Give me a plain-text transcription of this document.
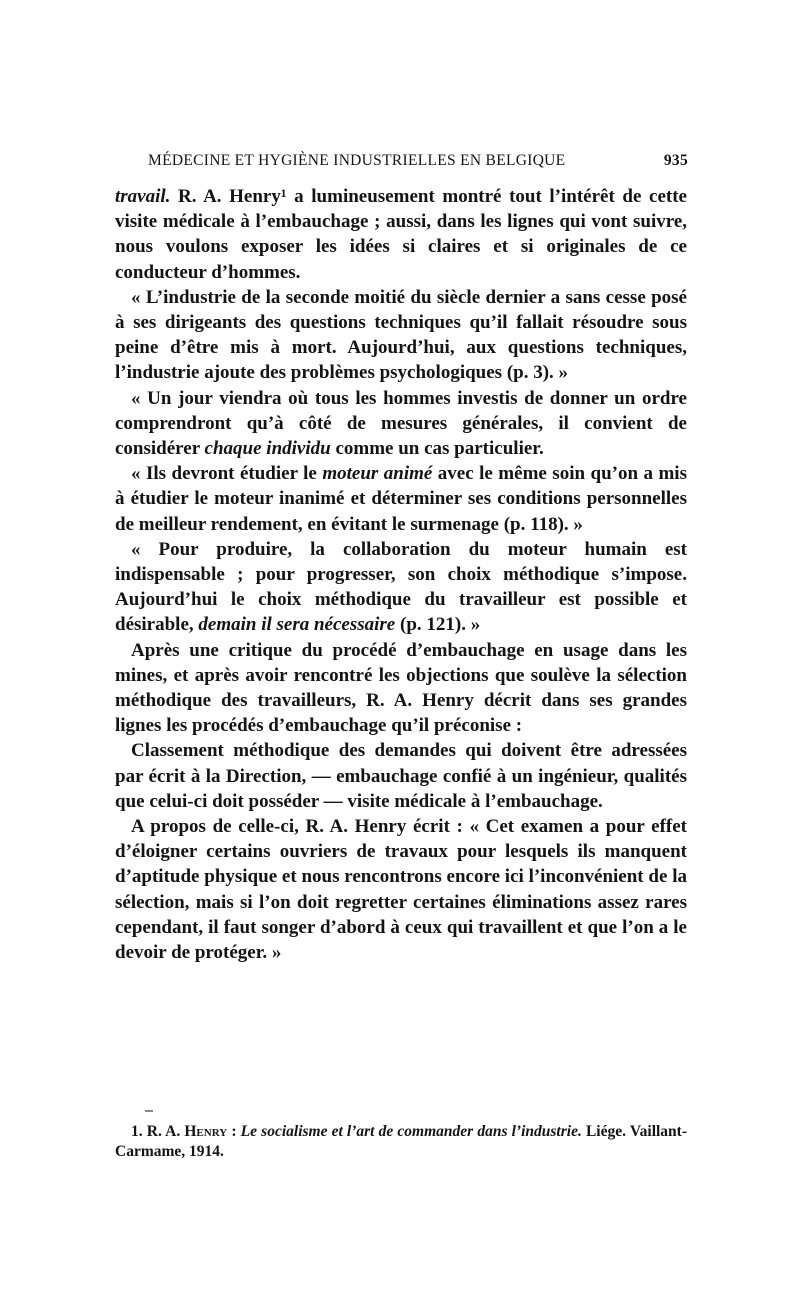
MÉDECINE ET HYGIÈNE INDUSTRIELLES EN BELGIQUE	935

travail. R. A. Henry¹ a lumineusement montré tout l’intérêt de cette visite médicale à l’embauchage ; aussi, dans les lignes qui vont suivre, nous voulons exposer les idées si claires et si originales de ce conducteur d’hommes.

« L’industrie de la seconde moitié du siècle dernier a sans cesse posé à ses dirigeants des questions techniques qu’il fallait résoudre sous peine d’être mis à mort. Aujourd’hui, aux questions techniques, l’industrie ajoute des problèmes psychologiques (p. 3). »

« Un jour viendra où tous les hommes investis de donner un ordre comprendront qu’à côté de mesures générales, il convient de considérer chaque individu comme un cas particulier.

« Ils devront étudier le moteur animé avec le même soin qu’on a mis à étudier le moteur inanimé et déterminer ses conditions personnelles de meilleur rendement, en évitant le surmenage (p. 118). »

« Pour produire, la collaboration du moteur humain est indispensable ; pour progresser, son choix méthodique s’impose. Aujourd’hui le choix méthodique du travailleur est possible et désirable, demain il sera nécessaire (p. 121). »

Après une critique du procédé d’embauchage en usage dans les mines, et après avoir rencontré les objections que soulève la sélection méthodique des travailleurs, R. A. Henry décrit dans ses grandes lignes les procédés d’embauchage qu’il préconise :

Classement méthodique des demandes qui doivent être adressées par écrit à la Direction, — embauchage confié à un ingénieur, qualités que celui-ci doit posséder — visite médicale à l’embauchage.

A propos de celle-ci, R. A. Henry écrit : « Cet examen a pour effet d’éloigner certains ouvriers de travaux pour lesquels ils manquent d’aptitude physique et nous rencontrons encore ici l’inconvénient de la sélection, mais si l’on doit regretter certaines éliminations assez rares cependant, il faut songer d’abord à ceux qui travaillent et que l’on a le devoir de protéger. »

1. R. A. Henry : Le socialisme et l’art de commander dans l’industrie. Liége. Vaillant-Carmame, 1914.
